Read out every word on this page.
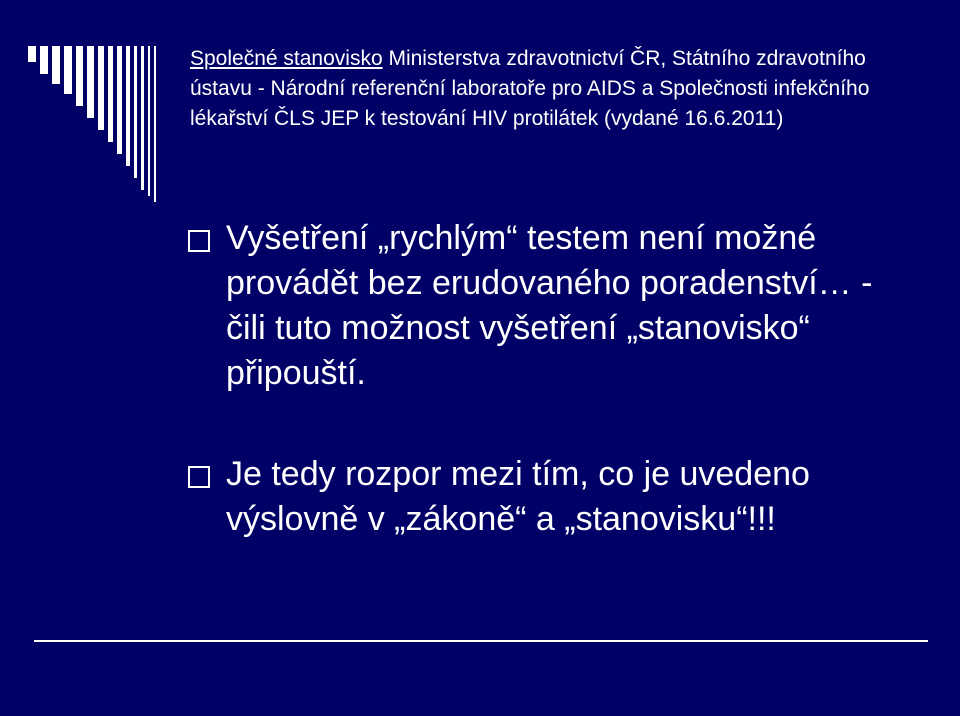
Společné stanovisko Ministerstva zdravotnictví ČR, Státního zdravotního ústavu - Národní referenční laboratoře pro AIDS a Společnosti infekčního lékařství ČLS JEP k testování HIV protilátek (vydané 16.6.2011)
Vyšetření „rychlým“ testem není možné provádět bez erudovaného poradenství… - čili tuto možnost vyšetření „stanovisko“ připouští.
Je tedy rozpor mezi tím, co je uvedeno výslovně v „zákoně“ a „stanovisku“!!!
